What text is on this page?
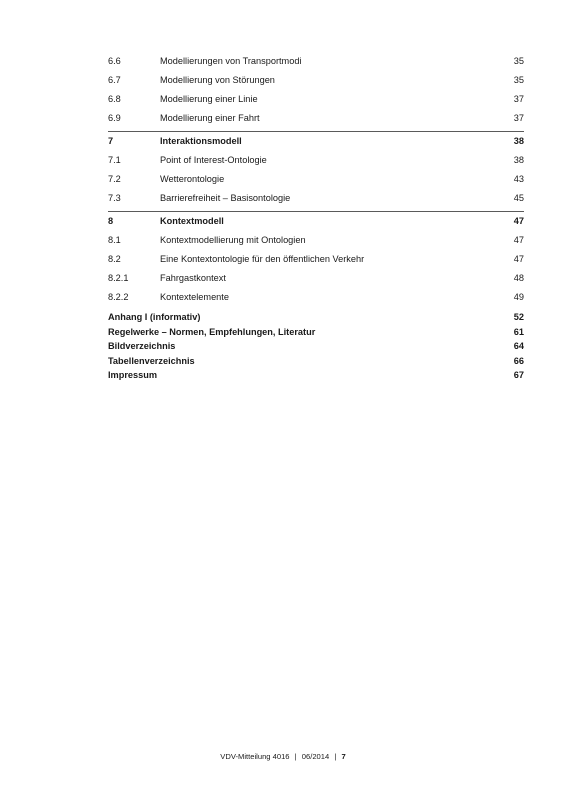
6.6	Modellierungen von Transportmodi	35
6.7	Modellierung von Störungen	35
6.8	Modellierung einer Linie	37
6.9	Modellierung einer Fahrt	37
7	Interaktionsmodell	38
7.1	Point of Interest-Ontologie	38
7.2	Wetterontologie	43
7.3	Barrierefreiheit – Basisontologie	45
8	Kontextmodell	47
8.1	Kontextmodellierung mit Ontologien	47
8.2	Eine Kontextontologie für den öffentlichen Verkehr	47
8.2.1	Fahrgastkontext	48
8.2.2	Kontextelemente	49
Anhang I (informativ)	52
Regelwerke – Normen, Empfehlungen, Literatur	61
Bildverzeichnis	64
Tabellenverzeichnis	66
Impressum	67
VDV-Mitteilung 4016 | 06/2014 | 7
